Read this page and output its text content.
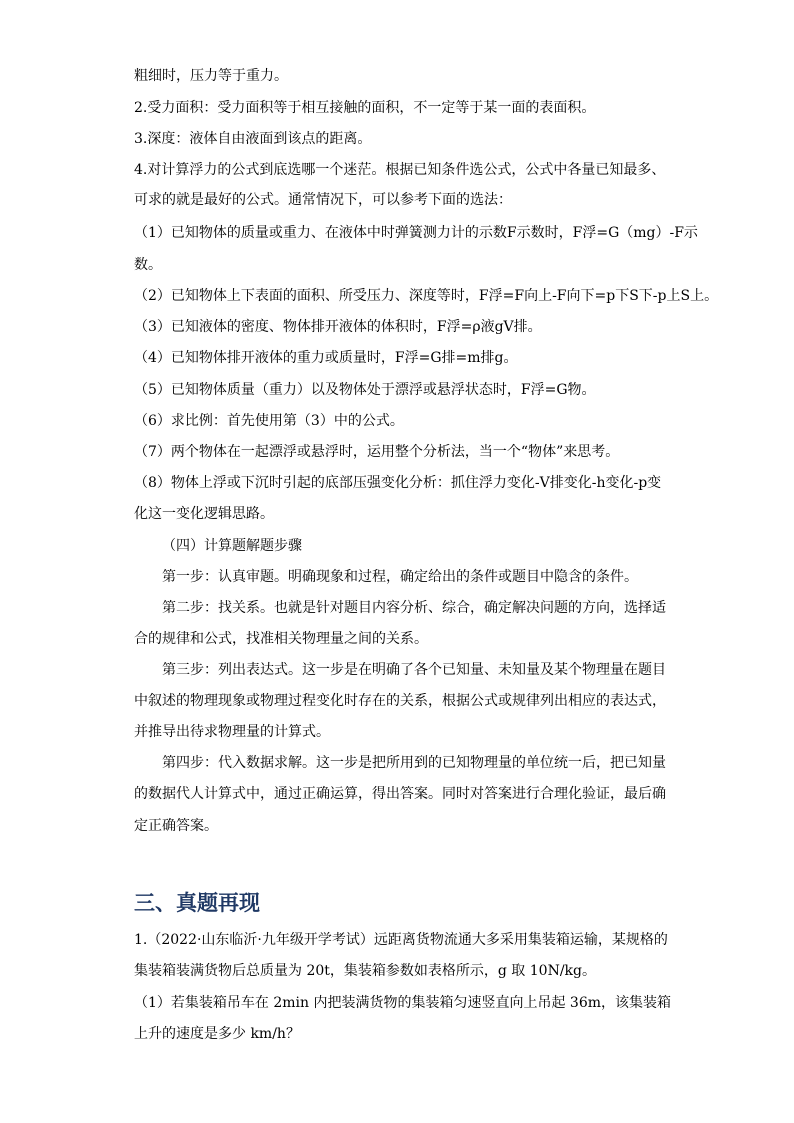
粗细时，压力等于重力。
2.受力面积：受力面积等于相互接触的面积，不一定等于某一面的表面积。
3.深度：液体自由液面到该点的距离。
4.对计算浮力的公式到底选哪一个迷茫。根据已知条件选公式，公式中各量已知最多、
可求的就是最好的公式。通常情况下，可以参考下面的选法：
（1）已知物体的质量或重力、在液体中时弹簧测力计的示数F示数时，F浮=G（mg）-F示
数。
（2）已知物体上下表面的面积、所受压力、深度等时，F浮=F向上-F向下=p下S下-p上S上。
（3）已知液体的密度、物体排开液体的体积时，F浮=ρ液gV排。
（4）已知物体排开液体的重力或质量时，F浮=G排=m排g。
（5）已知物体质量（重力）以及物体处于漂浮或悬浮状态时，F浮=G物。
（6）求比例：首先使用第（3）中的公式。
（7）两个物体在一起漂浮或悬浮时，运用整个分析法，当一个“物体”来思考。
（8）物体上浮或下沉时引起的底部压强变化分析：抓住浮力变化-V排变化-h变化-p变
化这一变化逻辑思路。
（四）计算题解题步骤
第一步：认真审题。明确现象和过程，确定给出的条件或题目中隐含的条件。
第二步：找关系。也就是针对题目内容分析、综合，确定解决问题的方向，选择适
合的规律和公式，找准相关物理量之间的关系。
第三步：列出表达式。这一步是在明确了各个已知量、未知量及某个物理量在题目
中叙述的物理现象或物理过程变化时存在的关系，根据公式或规律列出相应的表达式，
并推导出待求物理量的计算式。
第四步：代入数据求解。这一步是把所用到的已知物理量的单位统一后，把已知量
的数据代人计算式中，通过正确运算，得出答案。同时对答案进行合理化验证，最后确
定正确答案。
三、真题再现
1.（2022·山东临沂·九年级开学考试）远距离货物流通大多采用集装箱运输，某规格的
集装箱装满货物后总质量为 20t，集装箱参数如表格所示，g 取 10N/kg。
（1）若集装箱吊车在 2min 内把装满货物的集装箱匀速竖直向上吊起 36m，该集装箱
上升的速度是多少 km/h？
